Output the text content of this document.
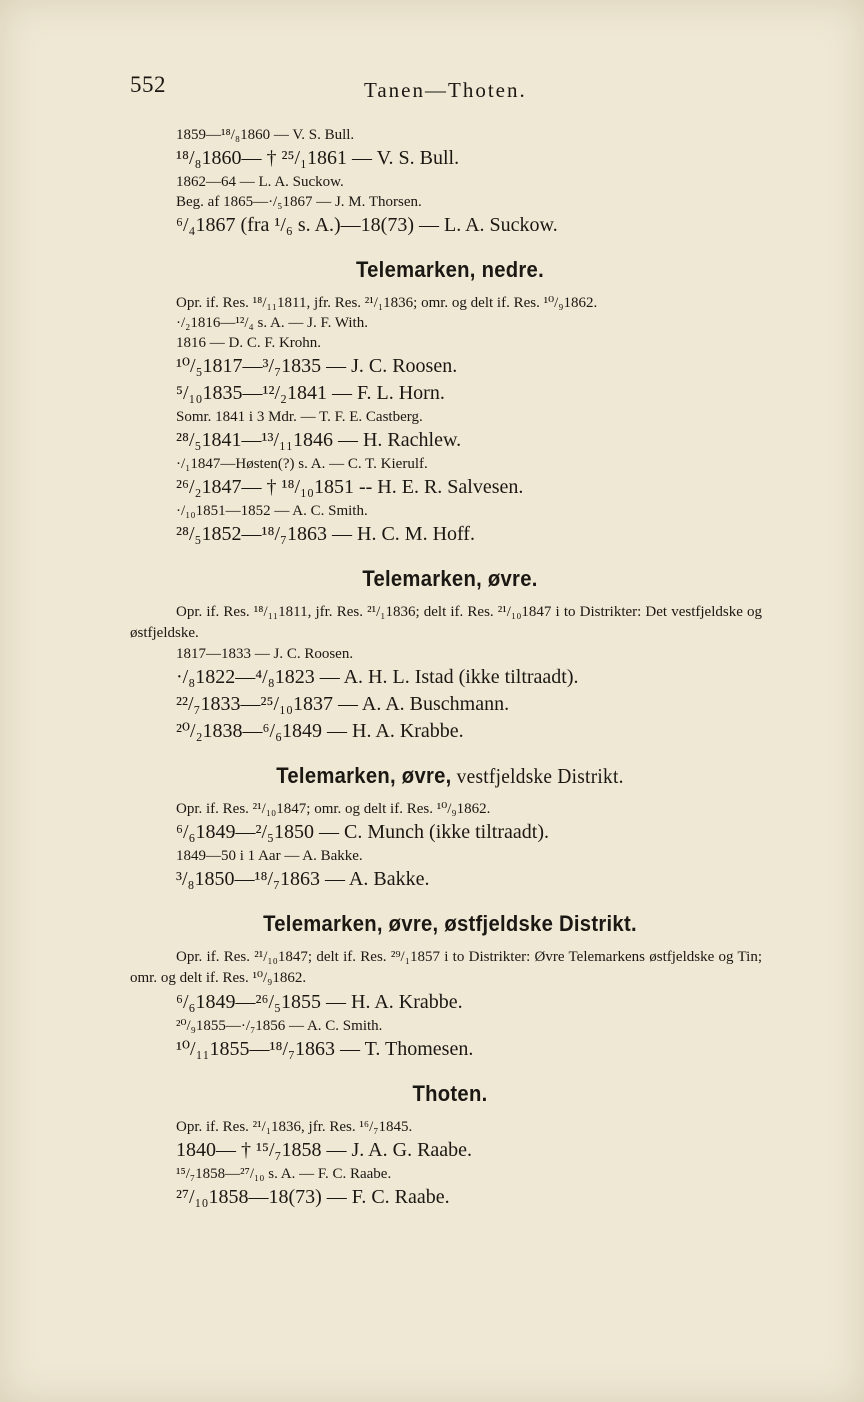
552	Tanen—Thoten.

1859—¹⁸/₈1860 — V. S. Bull.

¹⁸/₈1860— † ²⁵/₁1861 — V. S. Bull.

1862—64 — L. A. Suckow.

Beg. af 1865—·/₅1867 — J. M. Thorsen.

⁶/₄1867 (fra ¹/₆ s. A.)—18(73) — L. A. Suckow.

Telemarken, nedre.

Opr. if. Res. ¹⁸/₁₁1811, jfr. Res. ²¹/₁1836; omr. og delt if. Res. ¹⁰/₉1862.

·/₂1816—¹²/₄ s. A. — J. F. With.

1816 — D. C. F. Krohn.

¹⁰/₅1817—³/₇1835 — J. C. Roosen.

⁵/₁₀1835—¹²/₂1841 — F. L. Horn.

Somr. 1841 i 3 Mdr. — T. F. E. Castberg.

²⁸/₅1841—¹³/₁₁1846 — H. Rachlew.

·/₁1847—Høsten(?) s. A. — C. T. Kierulf.

²⁶/₂1847— † ¹⁸/₁₀1851 -- H. E. R. Salvesen.

·/₁₀1851—1852 — A. C. Smith.

²⁸/₅1852—¹⁸/₇1863 — H. C. M. Hoff.

Telemarken, øvre.

Opr. if. Res. ¹⁸/₁₁1811, jfr. Res. ²¹/₁1836; delt if. Res. ²¹/₁₀1847 i to Distrikter: Det vestfjeldske og østfjeldske.

1817—1833 — J. C. Roosen.

·/₈1822—⁴/₈1823 — A. H. L. Istad (ikke tiltraadt).

²²/₇1833—²⁵/₁₀1837 — A. A. Buschmann.

²⁰/₂1838—⁶/₆1849 — H. A. Krabbe.

Telemarken, øvre, vestfjeldske Distrikt.

Opr. if. Res. ²¹/₁₀1847; omr. og delt if. Res. ¹⁰/₉1862.

⁶/₆1849—²/₅1850 — C. Munch (ikke tiltraadt).

1849—50 i 1 Aar — A. Bakke.

³/₈1850—¹⁸/₇1863 — A. Bakke.

Telemarken, øvre, østfjeldske Distrikt.

Opr. if. Res. ²¹/₁₀1847; delt if. Res. ²⁹/₁1857 i to Distrikter: Øvre Telemarkens østfjeldske og Tin; omr. og delt if. Res. ¹⁰/₉1862.

⁶/₆1849—²⁶/₅1855 — H. A. Krabbe.

²⁰/₉1855—·/₇1856 — A. C. Smith.

¹⁰/₁₁1855—¹⁸/₇1863 — T. Thomesen.

Thoten.

Opr. if. Res. ²¹/₁1836, jfr. Res. ¹⁶/₇1845.

1840— † ¹⁵/₇1858 — J. A. G. Raabe.

¹⁵/₇1858—²⁷/₁₀ s. A. — F. C. Raabe.

²⁷/₁₀1858—18(73) — F. C. Raabe.
